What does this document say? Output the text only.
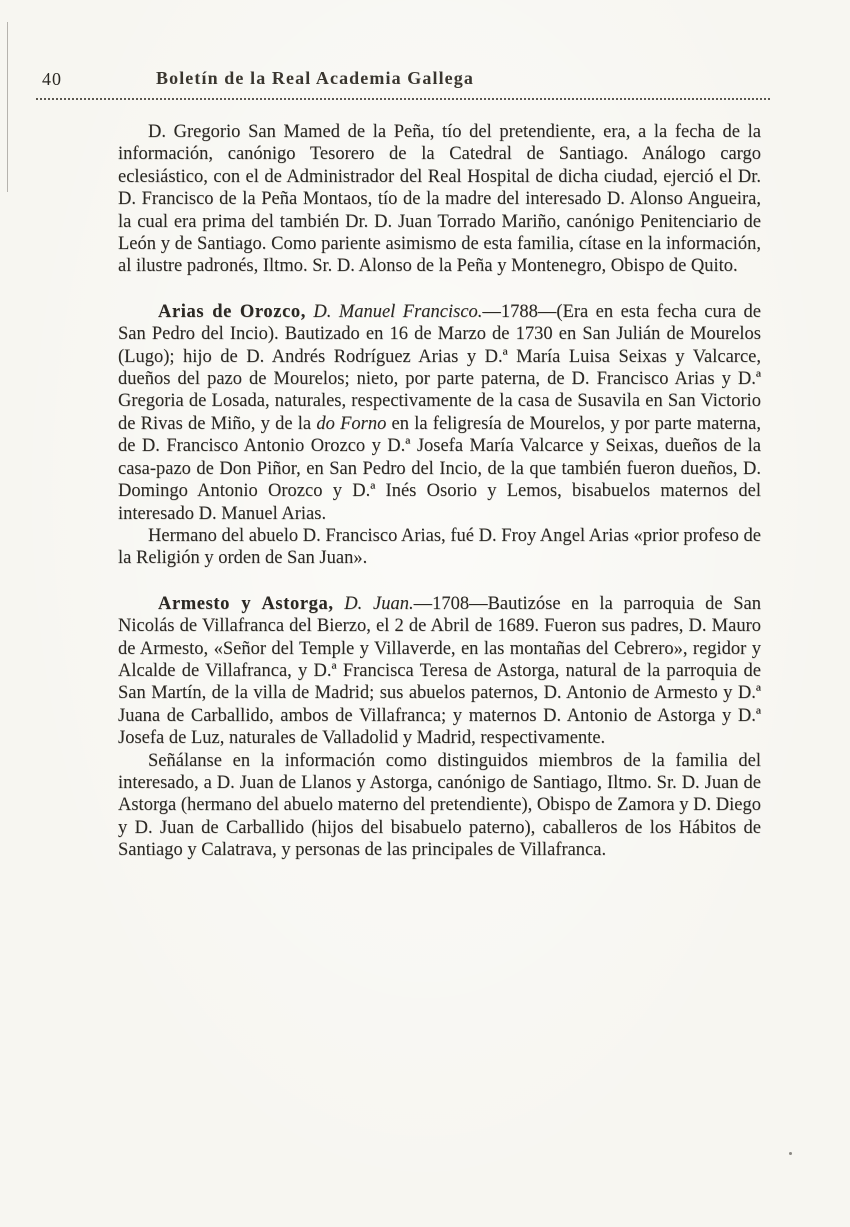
40	Boletín de la Real Academia Gallega

D. Gregorio San Mamed de la Peña, tío del pretendiente, era, a la fecha de la información, canónigo Tesorero de la Catedral de Santiago. Análogo cargo eclesiástico, con el de Administrador del Real Hospital de dicha ciudad, ejerció el Dr. D. Francisco de la Peña Montaos, tío de la madre del interesado D. Alonso Angueira, la cual era prima del también Dr. D. Juan Torrado Mariño, canónigo Penitenciario de León y de Santiago. Como pariente asimismo de esta familia, cítase en la información, al ilustre padronés, Iltmo. Sr. D. Alonso de la Peña y Montenegro, Obispo de Quito.

Arias de Orozco, D. Manuel Francisco.—1788—(Era en esta fecha cura de San Pedro del Incio). Bautizado en 16 de Marzo de 1730 en San Julián de Mourelos (Lugo); hijo de D. Andrés Rodríguez Arias y D.ª María Luisa Seixas y Valcarce, dueños del pazo de Mourelos; nieto, por parte paterna, de D. Francisco Arias y D.ª Gregoria de Losada, naturales, respectivamente de la casa de Susavila en San Victorio de Rivas de Miño, y de la do Forno en la feligresía de Mourelos, y por parte materna, de D. Francisco Antonio Orozco y D.ª Josefa María Valcarce y Seixas, dueños de la casa-pazo de Don Piñor, en San Pedro del Incio, de la que también fueron dueños, D. Domingo Antonio Orozco y D.ª Inés Osorio y Lemos, bisabuelos maternos del interesado D. Manuel Arias.

Hermano del abuelo D. Francisco Arias, fué D. Froy Angel Arias «prior profeso de la Religión y orden de San Juan».

Armesto y Astorga, D. Juan.—1708—Bautizóse en la parroquia de San Nicolás de Villafranca del Bierzo, el 2 de Abril de 1689. Fueron sus padres, D. Mauro de Armesto, «Señor del Temple y Villaverde, en las montañas del Cebrero», regidor y Alcalde de Villafranca, y D.ª Francisca Teresa de Astorga, natural de la parroquia de San Martín, de la villa de Madrid; sus abuelos paternos, D. Antonio de Armesto y D.ª Juana de Carballido, ambos de Villafranca; y maternos D. Antonio de Astorga y D.ª Josefa de Luz, naturales de Valladolid y Madrid, respectivamente.

Señálanse en la información como distinguidos miembros de la familia del interesado, a D. Juan de Llanos y Astorga, canónigo de Santiago, Iltmo. Sr. D. Juan de Astorga (hermano del abuelo materno del pretendiente), Obispo de Zamora y D. Diego y D. Juan de Carballido (hijos del bisabuelo paterno), caballeros de los Hábitos de Santiago y Calatrava, y personas de las principales de Villafranca.
